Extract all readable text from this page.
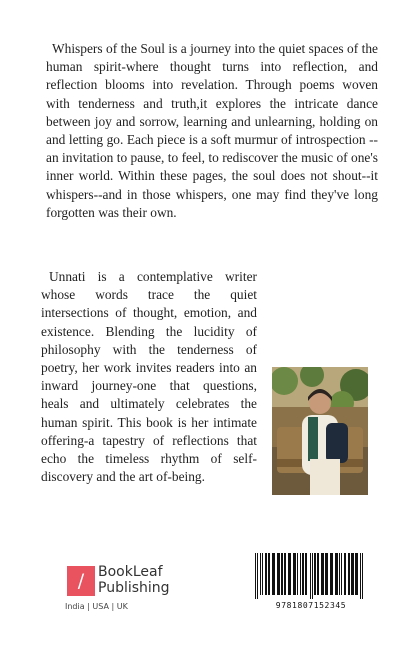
Whispers of the Soul is a journey into the quiet spaces of the human spirit-where thought turns into reflection, and reflection blooms into revelation. Through poems woven with tenderness and truth,it explores the intricate dance between joy and sorrow, learning and unlearning, holding on and letting go. Each piece is a soft murmur of introspection --an invitation to pause, to feel, to rediscover the music of one's inner world. Within these pages, the soul does not shout--it whispers--and in those whispers, one may find they've long forgotten was their own.

Unnati is a contemplative writer whose words trace the quiet intersections of thought, emotion, and existence. Blending the lucidity of philosophy with the tenderness of poetry, her work invites readers into an inward journey-one that questions, heals and ultimately celebrates the human spirit. This book is her intimate offering-a tapestry of reflections that echo the timeless rhythm of self-discovery and the art of-being.

/ BookLeaf
Publishing
India | USA | UK	9781807152345
